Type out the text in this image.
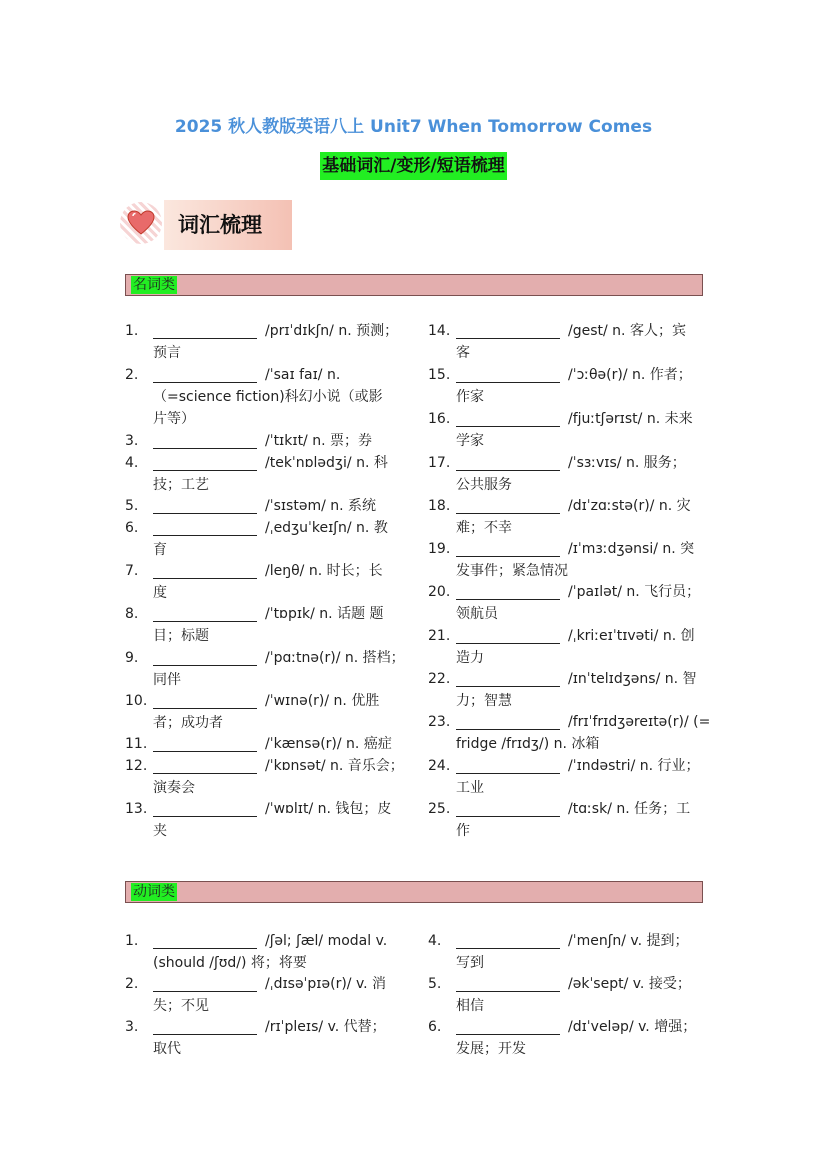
2025 秋人教版英语八上 Unit7 When Tomorrow Comes
基础词汇/变形/短语梳理
词汇梳理
名词类
1.	/prɪˈdɪkʃn/ n. 预测；
预言
2.	/ˈsaɪ faɪ/ n.
（=science fiction)科幻小说（或影
片等）
3.	/ˈtɪkɪt/ n. 票；券
4.	/tekˈnɒlədʒi/ n. 科
技；工艺
5.	/ˈsɪstəm/ n. 系统
6.	/ˌedʒuˈkeɪʃn/ n. 教
育
7.	/leŋθ/ n. 时长；长
度
8.	/ˈtɒpɪk/ n. 话题 题
目；标题
9.	/ˈpɑːtnə(r)/ n. 搭档；
同伴
10.	/ˈwɪnə(r)/ n. 优胜
者；成功者
11.	/ˈkænsə(r)/ n. 癌症
12.	/ˈkɒnsət/ n. 音乐会；
演奏会
13.	/ˈwɒlɪt/ n. 钱包；皮
夹
14.	/gest/ n. 客人；宾
客
15.	/ˈɔːθə(r)/ n. 作者；
作家
16.	/fjuːtʃərɪst/ n. 未来
学家
17.	/ˈsɜːvɪs/ n. 服务；
公共服务
18.	/dɪˈzɑːstə(r)/ n. 灾
难；不幸
19.	/ɪˈmɜːdʒənsi/ n. 突
发事件；紧急情况
20.	/ˈpaɪlət/ n. 飞行员；
领航员
21.	/ˌkriːeɪˈtɪvəti/ n. 创
造力
22.	/ɪnˈtelɪdʒəns/ n. 智
力；智慧
23.	/frɪˈfrɪdʒəreɪtə(r)/ (=
fridge /frɪdʒ/) n. 冰箱
24.	/ˈɪndəstri/ n. 行业；
工业
25.	/tɑːsk/ n. 任务；工
作
动词类
1.	/ʃəl; ʃæl/ modal v.
(should /ʃʊd/) 将；将要
2.	/ˌdɪsəˈpɪə(r)/ v. 消
失；不见
3.	/rɪˈpleɪs/ v. 代替；
取代
4.	/ˈmenʃn/ v. 提到；
写到
5.	/əkˈsept/ v. 接受；
相信
6.	/dɪˈveləp/ v. 增强；
发展；开发
